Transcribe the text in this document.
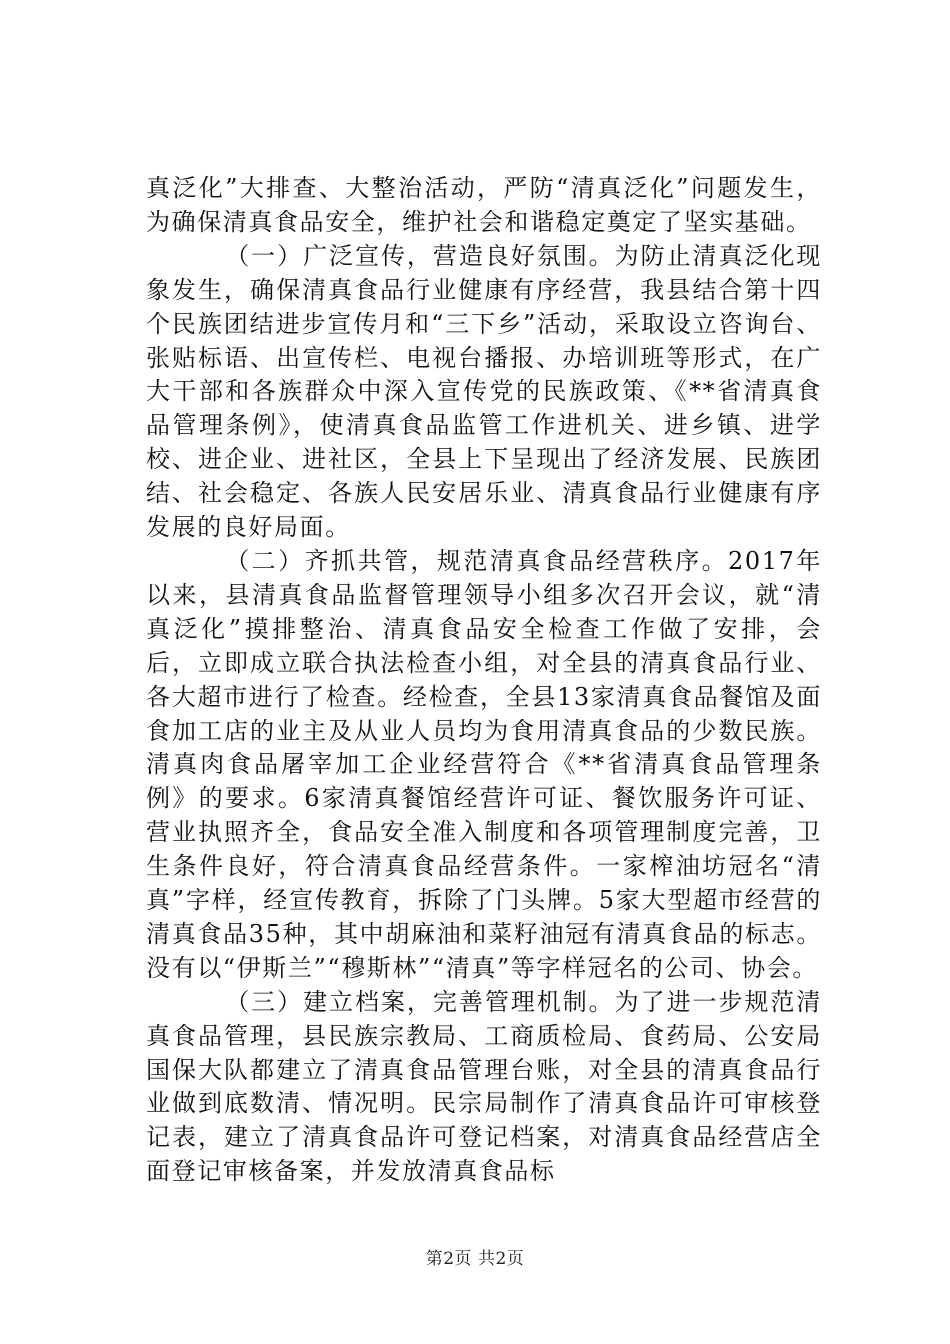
真泛化”大排查、大整治活动，严防“清真泛化”问题发生，为确保清真食品安全，维护社会和谐稳定奠定了坚实基础。

（一）广泛宣传，营造良好氛围。为防止清真泛化现象发生，确保清真食品行业健康有序经营，我县结合第十四个民族团结进步宣传月和“三下乡”活动，采取设立咨询台、张贴标语、出宣传栏、电视台播报、办培训班等形式，在广大干部和各族群众中深入宣传党的民族政策、《**省清真食品管理条例》，使清真食品监管工作进机关、进乡镇、进学校、进企业、进社区，全县上下呈现出了经济发展、民族团结、社会稳定、各族人民安居乐业、清真食品行业健康有序发展的良好局面。

（二）齐抓共管，规范清真食品经营秩序。2017年以来，县清真食品监督管理领导小组多次召开会议，就“清真泛化”摸排整治、清真食品安全检查工作做了安排，会后，立即成立联合执法检查小组，对全县的清真食品行业、各大超市进行了检查。经检查，全县13家清真食品餐馆及面食加工店的业主及从业人员均为食用清真食品的少数民族。清真肉食品屠宰加工企业经营符合《**省清真食品管理条例》的要求。6家清真餐馆经营许可证、餐饮服务许可证、营业执照齐全，食品安全准入制度和各项管理制度完善，卫生条件良好，符合清真食品经营条件。一家榨油坊冠名“清真”字样，经宣传教育，拆除了门头牌。5家大型超市经营的清真食品35种，其中胡麻油和菜籽油冠有清真食品的标志。没有以“伊斯兰”“穆斯林”“清真”等字样冠名的公司、协会。

（三）建立档案，完善管理机制。为了进一步规范清真食品管理，县民族宗教局、工商质检局、食药局、公安局国保大队都建立了清真食品管理台账，对全县的清真食品行业做到底数清、情况明。民宗局制作了清真食品许可审核登记表，建立了清真食品许可登记档案，对清真食品经营店全面登记审核备案，并发放清真食品标

第2页 共2页
